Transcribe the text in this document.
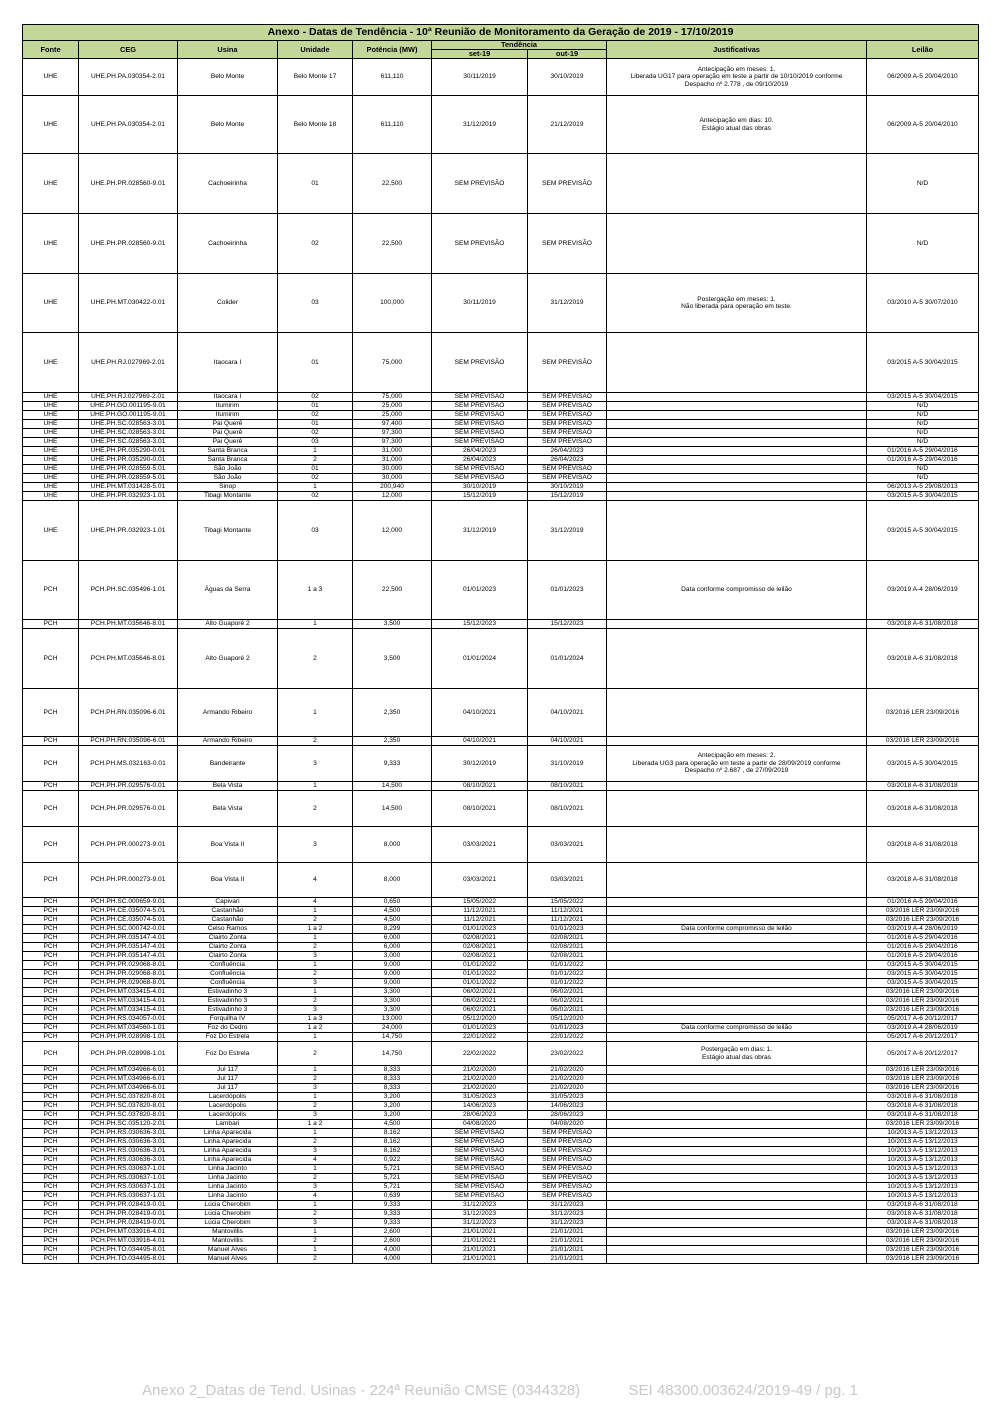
Anexo - Datas de Tendência - 10ª Reunião de Monitoramento da Geração de 2019 - 17/10/2019								
Fonte	CEG	Usina	Unidade	Potência (MW)	Tendência		Justificativas	Leilão
					set-19	out-19		
UHE	UHE.PH.PA.030354-2.01	Belo Monte	Belo Monte 17	611,110	30/11/2019	30/10/2019	Antecipação em meses: 1.
Liberada UG17 para operação em teste a partir de 10/10/2019 conforme
Despacho nº 2.778 , de 09/10/2019	06/2009 A-5 20/04/2010
UHE	UHE.PH.PA.030354-2.01	Belo Monte	Belo Monte 18	611,110	31/12/2019	21/12/2019	Antecipação em dias: 10.
Estágio atual das obras	06/2009 A-5 20/04/2010
UHE	UHE.PH.PR.028560-9.01	Cachoeirinha	01	22,500	SEM PREVISÃO	SEM PREVISÃO		N/D
UHE	UHE.PH.PR.028560-9.01	Cachoeirinha	02	22,500	SEM PREVISÃO	SEM PREVISÃO		N/D
UHE	UHE.PH.MT.030422-0.01	Colider	03	100,000	30/11/2019	31/12/2019	Postergação em meses: 1.
Não liberada para operação em teste.	03/2010 A-5 30/07/2010
UHE	UHE.PH.RJ.027969-2.01	Itaocara I	01	75,000	SEM PREVISÃO	SEM PREVISÃO		03/2015 A-5 30/04/2015
UHE	UHE.PH.RJ.027969-2.01	Itaocara I	02	75,000	SEM PREVISÃO	SEM PREVISÃO		03/2015 A-5 30/04/2015
UHE	UHE.PH.GO.001195-9.01	Itumirim	01	25,000	SEM PREVISÃO	SEM PREVISÃO		N/D
UHE	UHE.PH.GO.001195-9.01	Itumirim	02	25,000	SEM PREVISÃO	SEM PREVISÃO		N/D
UHE	UHE.PH.SC.028563-3.01	Pai Querê	01	97,400	SEM PREVISÃO	SEM PREVISÃO		N/D
UHE	UHE.PH.SC.028563-3.01	Pai Querê	02	97,300	SEM PREVISÃO	SEM PREVISÃO		N/D
UHE	UHE.PH.SC.028563-3.01	Pai Querê	03	97,300	SEM PREVISÃO	SEM PREVISÃO		N/D
UHE	UHE.PH.PR.035290-0.01	Santa Branca	1	31,000	26/04/2023	26/04/2023		01/2016 A-5 29/04/2016
UHE	UHE.PH.PR.035290-0.01	Santa Branca	2	31,000	26/04/2023	26/04/2023		01/2016 A-5 29/04/2016
UHE	UHE.PH.PR.028559-5.01	São João	01	30,000	SEM PREVISÃO	SEM PREVISÃO		N/D
UHE	UHE.PH.PR.028559-5.01	São João	02	30,000	SEM PREVISÃO	SEM PREVISÃO		N/D
UHE	UHE.PH.MT.031428-5.01	Sinop	1	200,940	30/10/2019	30/10/2019		06/2013 A-5 29/08/2013
UHE	UHE.PH.PR.032923-1.01	Tibagi Montante	02	12,000	15/12/2019	15/12/2019		03/2015 A-5 30/04/2015
UHE	UHE.PH.PR.032923-1.01	Tibagi Montante	03	12,000	31/12/2019	31/12/2019		03/2015 A-5 30/04/2015
PCH	PCH.PH.SC.035496-1.01	Águas da Serra	1 a 3	22,500	01/01/2023	01/01/2023	Data conforme compromisso de leilão	03/2019 A-4 28/06/2019
PCH	PCH.PH.MT.035646-8.01	Alto Guaporé 2	1	3,500	15/12/2023	15/12/2023		03/2018 A-6 31/08/2018
PCH	PCH.PH.MT.035646-8.01	Alto Guaporé 2	2	3,500	01/01/2024	01/01/2024		03/2018 A-6 31/08/2018
PCH	PCH.PH.RN.035096-6.01	Armando Ribeiro	1	2,350	04/10/2021	04/10/2021		03/2016 LER 23/09/2016
PCH	PCH.PH.RN.035096-6.01	Armando Ribeiro	2	2,350	04/10/2021	04/10/2021		03/2016 LER 23/09/2016
PCH	PCH.PH.MS.032163-0.01	Bandeirante	3	9,333	30/12/2019	31/10/2019	Antecipação em meses: 2.
Liberada UG3 para operação em teste a partir de 28/09/2019 conforme
Despacho nº 2.687 , de 27/09/2019	03/2015 A-5 30/04/2015
PCH	PCH.PH.PR.029576-0.01	Bela Vista	1	14,500	08/10/2021	08/10/2021		03/2018 A-6 31/08/2018
PCH	PCH.PH.PR.029576-0.01	Bela Vista	2	14,500	08/10/2021	08/10/2021		03/2018 A-6 31/08/2018
PCH	PCH.PH.PR.000273-9.01	Boa Vista II	3	8,000	03/03/2021	03/03/2021		03/2018 A-6 31/08/2018
PCH	PCH.PH.PR.000273-9.01	Boa Vista II	4	8,000	03/03/2021	03/03/2021		03/2018 A-6 31/08/2018
PCH	PCH.PH.SC.000659-9.01	Capivari	4	0,650	15/05/2022	15/05/2022		01/2016 A-5 29/04/2016
PCH	PCH.PH.CE.035074-5.01	Castanhão	1	4,500	11/12/2021	11/12/2021		03/2016 LER 23/09/2016
PCH	PCH.PH.CE.035074-5.01	Castanhão	2	4,500	11/12/2021	11/12/2021		03/2016 LER 23/09/2016
PCH	PCH.PH.SC.000742-0.01	Celso Ramos	1 a 2	8,299	01/01/2023	01/01/2023	Data conforme compromisso de leilão	03/2019 A-4 28/06/2019
PCH	PCH.PH.PR.035147-4.01	Clairto Zonta	1	6,000	02/08/2021	02/08/2021		01/2016 A-5 29/04/2016
PCH	PCH.PH.PR.035147-4.01	Clairto Zonta	2	6,000	02/08/2021	02/08/2021		01/2016 A-5 29/04/2016
PCH	PCH.PH.PR.035147-4.01	Clairto Zonta	3	3,000	02/08/2021	02/08/2021		01/2016 A-5 29/04/2016
PCH	PCH.PH.PR.029068-8.01	Confluência	1	9,000	01/01/2022	01/01/2022		03/2015 A-5 30/04/2015
PCH	PCH.PH.PR.029068-8.01	Confluência	2	9,000	01/01/2022	01/01/2022		03/2015 A-5 30/04/2015
PCH	PCH.PH.PR.029068-8.01	Confluência	3	9,000	01/01/2022	01/01/2022		03/2015 A-5 30/04/2015
PCH	PCH.PH.MT.033415-4.01	Estivadinho 3	1	3,300	06/02/2021	06/02/2021		03/2016 LER 23/09/2016
PCH	PCH.PH.MT.033415-4.01	Estivadinho 3	2	3,300	06/02/2021	06/02/2021		03/2016 LER 23/09/2016
PCH	PCH.PH.MT.033415-4.01	Estivadinho 3	3	3,300	06/02/2021	06/02/2021		03/2016 LER 23/09/2016
PCH	PCH.PH.RS.034057-0.01	Forquilha IV	1 a 3	13,000	05/12/2020	05/12/2020		05/2017 A-6 20/12/2017
PCH	PCH.PH.MT.034560-1.01	Foz do Cedro	1 a 2	24,000	01/01/2023	01/01/2023	Data conforme compromisso de leilão	03/2019 A-4 28/06/2019
PCH	PCH.PH.PR.028998-1.01	Foz Do Estrela	1	14,750	22/01/2022	22/01/2022		05/2017 A-6 20/12/2017
PCH	PCH.PH.PR.028998-1.01	Foz Do Estrela	2	14,750	22/02/2022	23/02/2022	Postergação em dias: 1.
Estágio atual das obras	05/2017 A-6 20/12/2017
PCH	PCH.PH.MT.034966-6.01	Jul 117	1	8,333	21/02/2020	21/02/2020		03/2016 LER 23/09/2016
PCH	PCH.PH.MT.034966-6.01	Jul 117	2	8,333	21/02/2020	21/02/2020		03/2016 LER 23/09/2016
PCH	PCH.PH.MT.034966-6.01	Jul 117	3	8,333	21/02/2020	21/02/2020		03/2016 LER 23/09/2016
PCH	PCH.PH.SC.037820-8.01	Lacerdópolis	1	3,200	31/05/2023	31/05/2023		03/2018 A-6 31/08/2018
PCH	PCH.PH.SC.037820-8.01	Lacerdópolis	2	3,200	14/06/2023	14/06/2023		03/2018 A-6 31/08/2018
PCH	PCH.PH.SC.037820-8.01	Lacerdópolis	3	3,200	28/06/2023	28/06/2023		03/2018 A-6 31/08/2018
PCH	PCH.PH.SC.035120-2.01	Lambari	1 a 2	4,500	04/08/2020	04/08/2020		03/2016 LER 23/09/2016
PCH	PCH.PH.RS.030636-3.01	Linha Aparecida	1	8,162	SEM PREVISÃO	SEM PREVISÃO		10/2013 A-5 13/12/2013
PCH	PCH.PH.RS.030636-3.01	Linha Aparecida	2	8,162	SEM PREVISÃO	SEM PREVISÃO		10/2013 A-5 13/12/2013
PCH	PCH.PH.RS.030636-3.01	Linha Aparecida	3	8,162	SEM PREVISÃO	SEM PREVISÃO		10/2013 A-5 13/12/2013
PCH	PCH.PH.RS.030636-3.01	Linha Aparecida	4	0,922	SEM PREVISÃO	SEM PREVISÃO		10/2013 A-5 13/12/2013
PCH	PCH.PH.RS.030637-1.01	Linha Jacinto	1	5,721	SEM PREVISÃO	SEM PREVISÃO		10/2013 A-5 13/12/2013
PCH	PCH.PH.RS.030637-1.01	Linha Jacinto	2	5,721	SEM PREVISÃO	SEM PREVISÃO		10/2013 A-5 13/12/2013
PCH	PCH.PH.RS.030637-1.01	Linha Jacinto	3	5,721	SEM PREVISÃO	SEM PREVISÃO		10/2013 A-5 13/12/2013
PCH	PCH.PH.RS.030637-1.01	Linha Jacinto	4	0,639	SEM PREVISÃO	SEM PREVISÃO		10/2013 A-5 13/12/2013
PCH	PCH.PH.PR.028419-0.01	Lúcia Cherobim	1	9,333	31/12/2023	31/12/2023		03/2018 A-6 31/08/2018
PCH	PCH.PH.PR.028419-0.01	Lúcia Cherobim	2	9,333	31/12/2023	31/12/2023		03/2018 A-6 31/08/2018
PCH	PCH.PH.PR.028419-0.01	Lúcia Cherobim	3	9,333	31/12/2023	31/12/2023		03/2018 A-6 31/08/2018
PCH	PCH.PH.MT.033916-4.01	Mantovillis	1	2,600	21/01/2021	21/01/2021		03/2016 LER 23/09/2016
PCH	PCH.PH.MT.033916-4.01	Mantovillis	2	2,600	21/01/2021	21/01/2021		03/2016 LER 23/09/2016
PCH	PCH.PH.TO.034495-8.01	Manuel Alves	1	4,000	21/01/2021	21/01/2021		03/2016 LER 23/09/2016
PCH	PCH.PH.TO.034495-8.01	Manuel Alves	2	4,000	21/01/2021	21/01/2021		03/2016 LER 23/09/2016
Anexo 2_Datas de Tend. Usinas - 224ª Reunião CMSE (0344328)	SEI 48300.003624/2019-49 / pg. 1
